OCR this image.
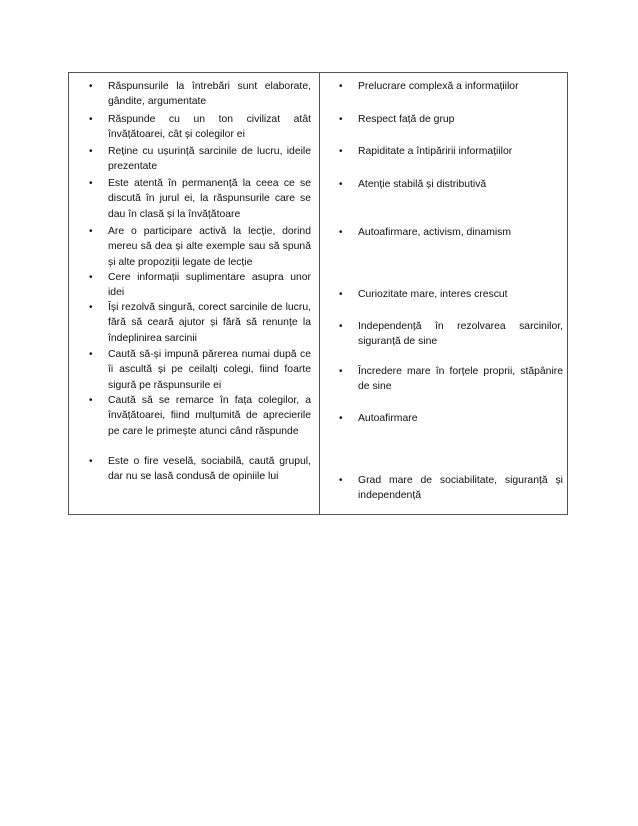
• Răspunsurile la întrebări sunt elaborate, gândite, argumentate
• Răspunde cu un ton civilizat atât învățătoarei, cât și colegilor ei
• Reține cu ușurință sarcinile de lucru, ideile prezentate
• Este atentă în permanență la ceea ce se discută în jurul ei, la răspunsurile care se dau în clasă și la învățătoare
• Are o participare activă la lecție, dorind mereu să dea și alte exemple sau să spună și alte propoziții legate de lecție
• Cere informații suplimentare asupra unor idei
• Își rezolvă singură, corect sarcinile de lucru, fără să ceară ajutor și fără să renunțe la îndeplinirea sarcinii
• Caută să-și impună părerea numai după ce îi ascultă și pe ceilalți colegi, fiind foarte sigură pe răspunsurile ei
• Caută să se remarce în fața colegilor, a învățătoarei, fiind mulțumită de aprecierile pe care le primește atunci când răspunde
• Este o fire veselă, sociabilă, caută grupul, dar nu se lasă condusă de opiniile lui
• Prelucrare complexă a informațiilor
• Respect față de grup
• Rapiditate a întipăririi informațiilor
• Atenție stabilă și distributivă
• Autoafirmare, activism, dinamism
• Curiozitate mare, interes crescut
• Independență în rezolvarea sarcinilor, siguranță de sine
• Încredere mare în forțele proprii, stăpânire de sine
• Autoafirmare
• Grad mare de sociabilitate, siguranță și independență
